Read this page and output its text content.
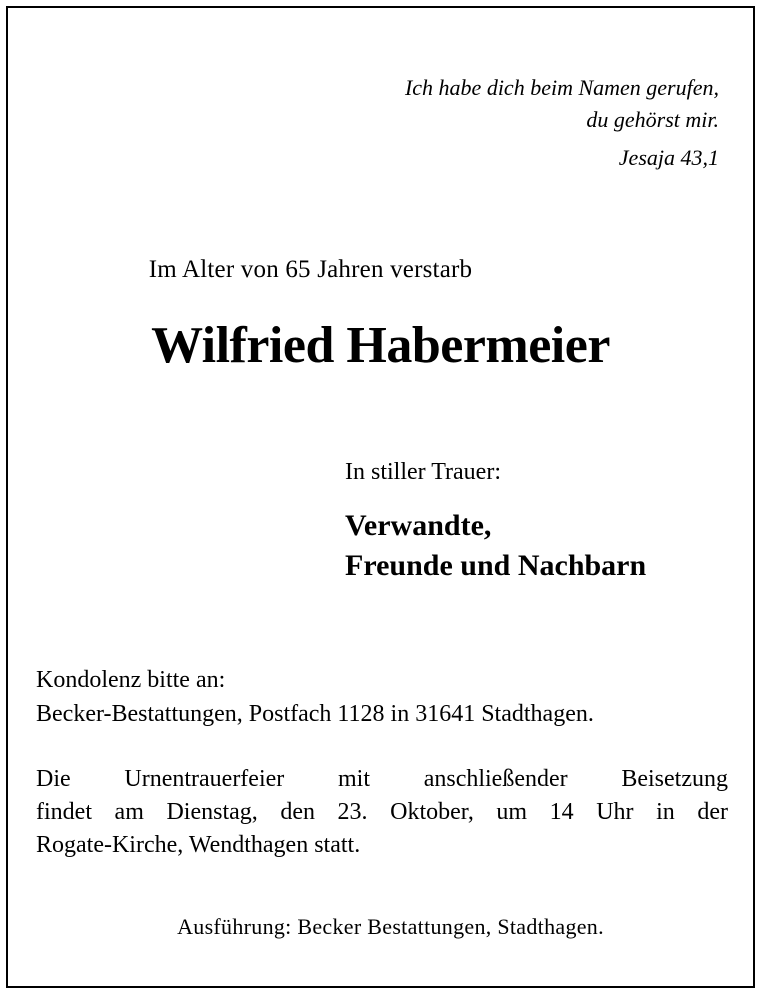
Ich habe dich beim Namen gerufen,
du gehörst mir.
Jesaja 43,1
Im Alter von 65 Jahren verstarb
Wilfried Habermeier
In stiller Trauer:
Verwandte,
Freunde und Nachbarn
Kondolenz bitte an:
Becker-Bestattungen, Postfach 1128 in 31641 Stadthagen.
Die Urnentrauerfeier mit anschließender Beisetzung
findet am Dienstag, den 23. Oktober, um 14 Uhr in der
Rogate-Kirche, Wendthagen statt.
Ausführung: Becker Bestattungen, Stadthagen.
